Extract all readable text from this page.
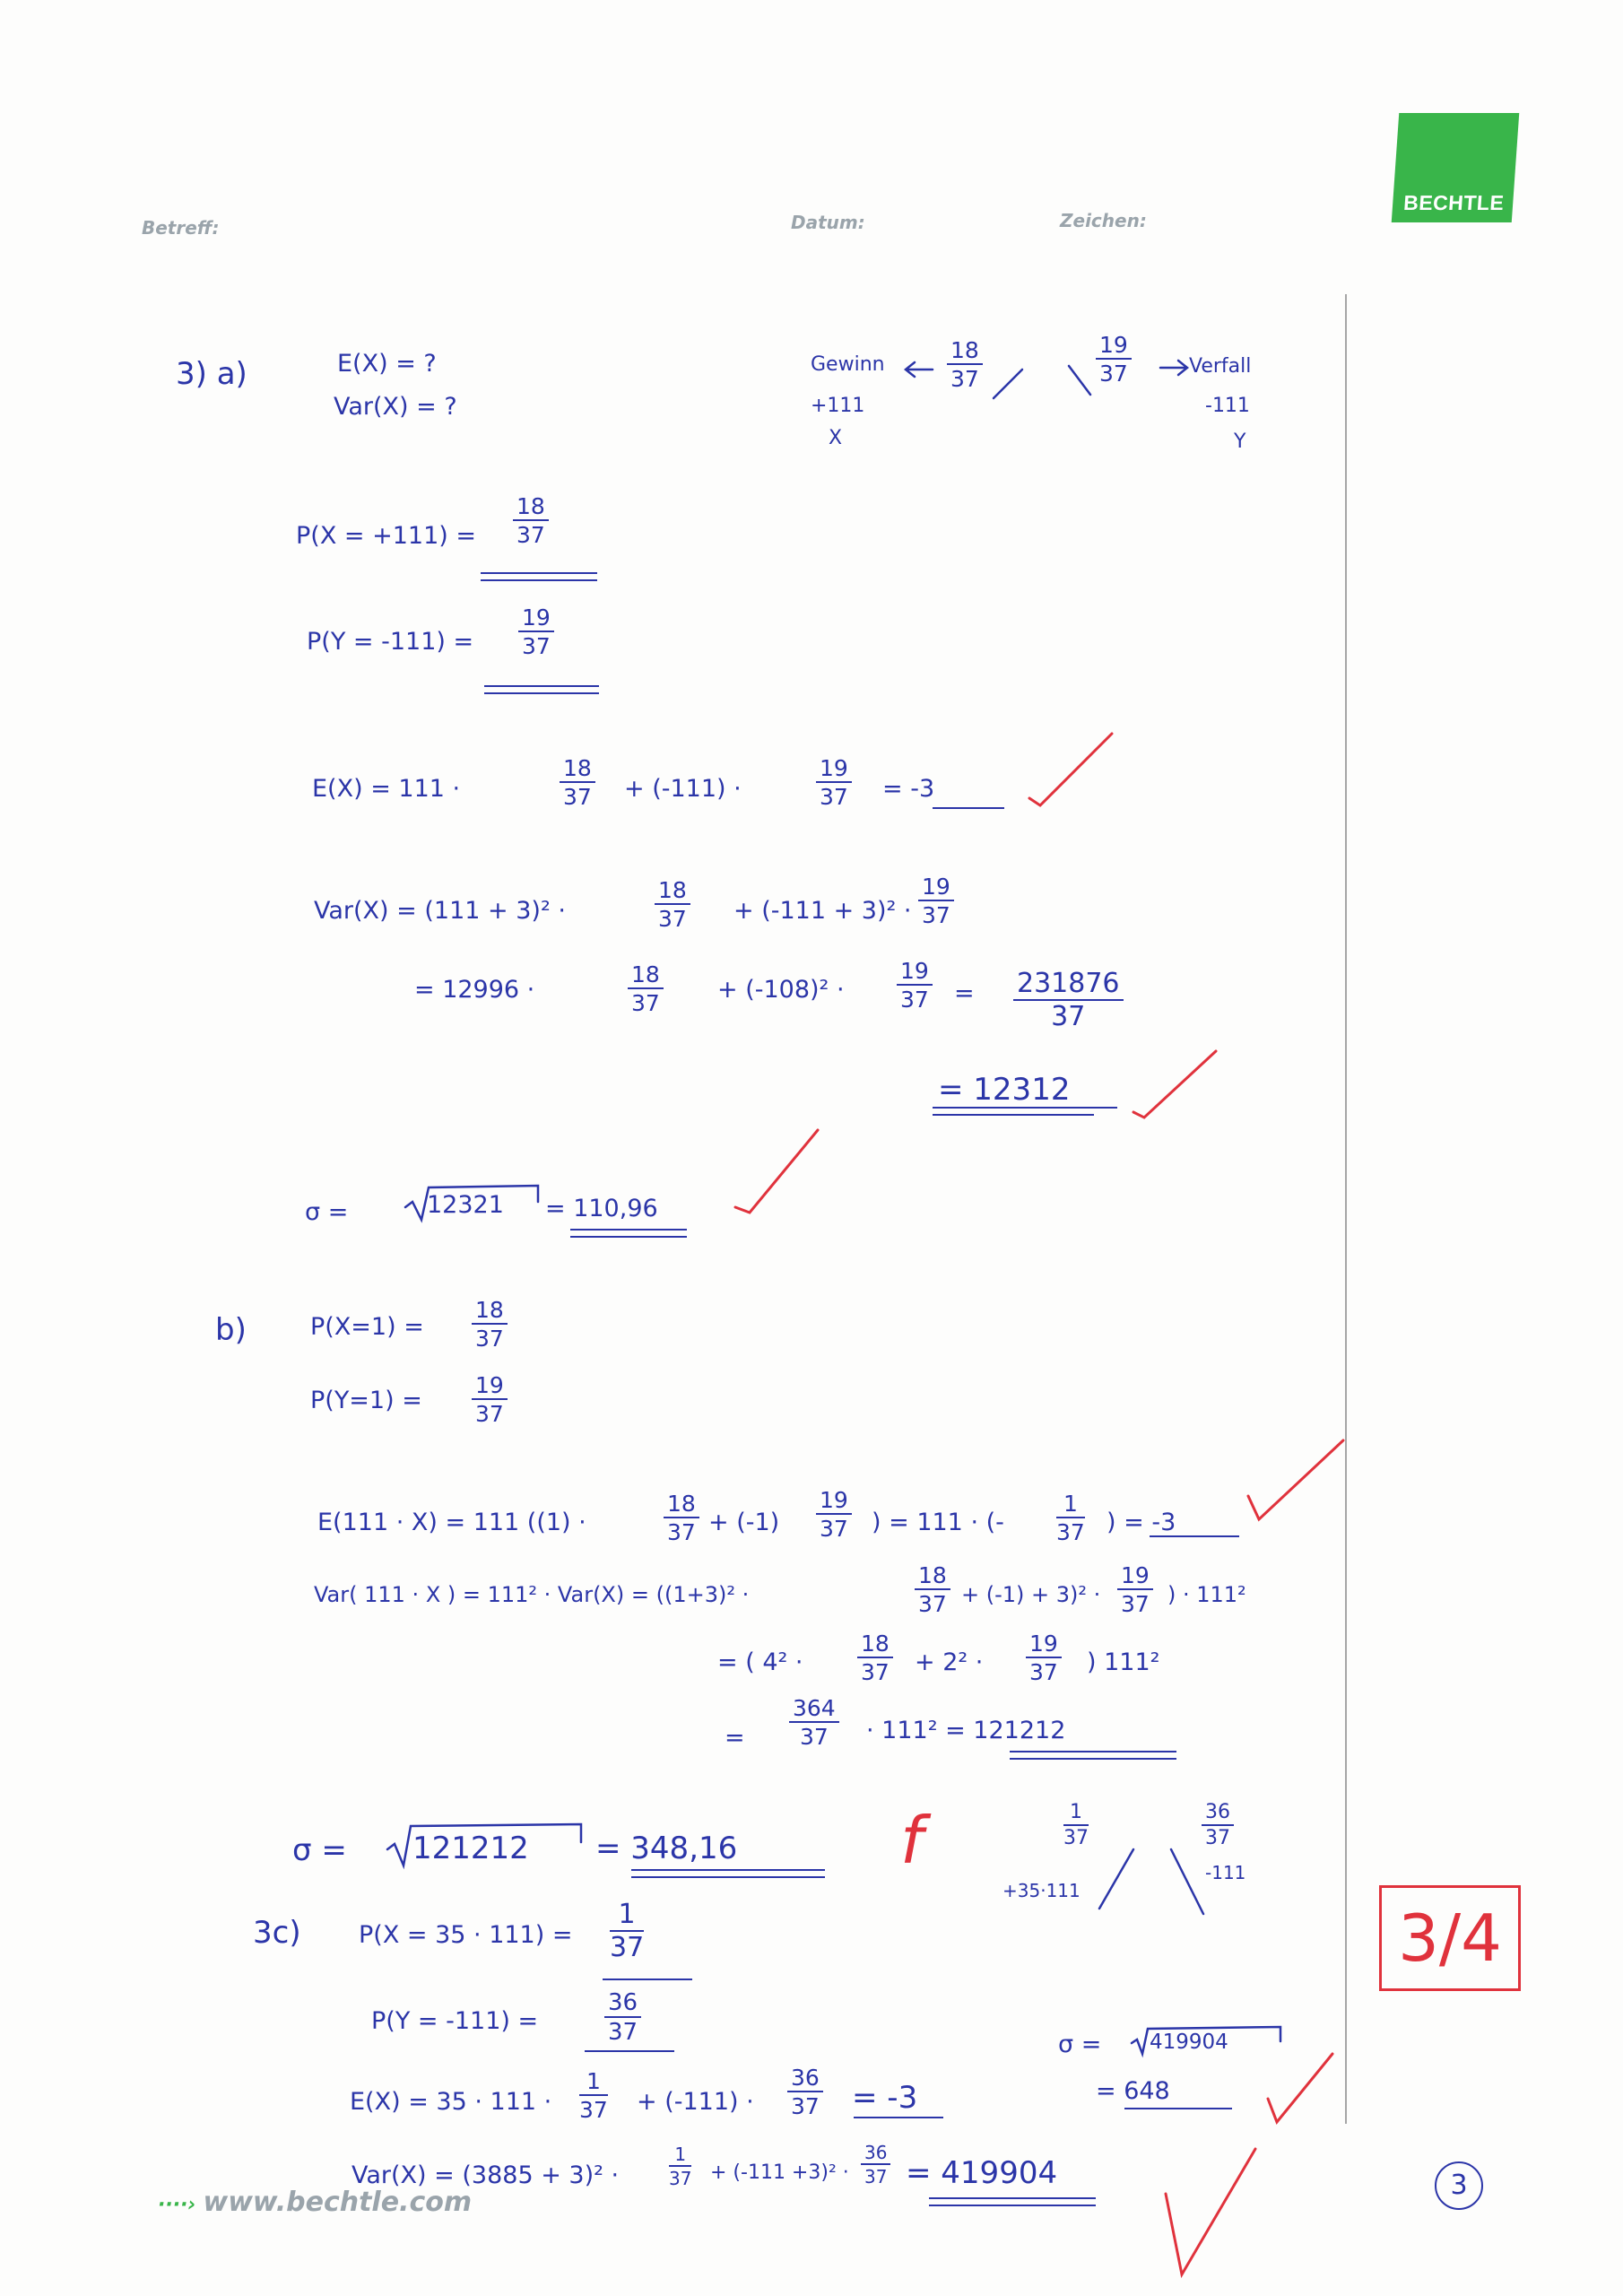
Betreff:	Datum:	Zeichen:
BECHTLE
3) a)	E(X) = ?
Var(X) = ?
Gewinn
+111
X
$\frac{18}{37}$	$\frac{19}{37}$	Verfall
-111
Y
$P(X = +111) = \frac{18}{37}$
$P(Y = -111) = \frac{19}{37}$
E(X) = 111 ·	$\frac{18}{37} + (-111)$ ·	$\frac{19}{37} = -3$
Var(X) = (111 + 3)² ·	$\frac{18}{37} + (-111 + 3)^2 \cdot \frac{19}{37}$
= 12996 ·	$\frac{18}{37} + (-108)^2 \cdot \frac{19}{37} = \frac{231876}{37}$
= 12312
σ =	12321 = 110,96
b)	$P(X=1) = \frac{18}{37}$
$P(Y=1) = \frac{19}{37}$
E(111 · X) = 111 ((1) ·	$\frac{18}{37} + (-1) \frac{19}{37}$ ) = 111 · (- $\frac{1}{37}$ ) = -3
Var( 111 · X ) = 111² · Var(X) = ((1+3)² ·	$\frac{18}{37} + (-1) + 3)^2 \cdot \frac{19}{37}$ ) · 111²
= ( $4^2 \cdot \frac{18}{37} + 2^2 \cdot \frac{19}{37}$ ) 111²
= $\frac{364}{37} \cdot 111^2 = 121212$
σ = 121212 = 348,16	f	$\frac{1}{37}$	$\frac{36}{37}$
+35·111
-111
3c) $P(X = 35 \cdot 111) = \frac{1}{37}$
P(Y = -111) =	$\frac{36}{37}$
$E(X) = 35 \cdot 111 \cdot \frac{1}{37} + (-111) \cdot \frac{36}{37} = -3$
Var(X) = (3885 + 3)² ·	$\frac{1}{37} + (-111 +3)^2 \cdot \frac{36}{37} = 419904$
σ = 419904
= 648
3/4
3
····› www.bechtle.com
